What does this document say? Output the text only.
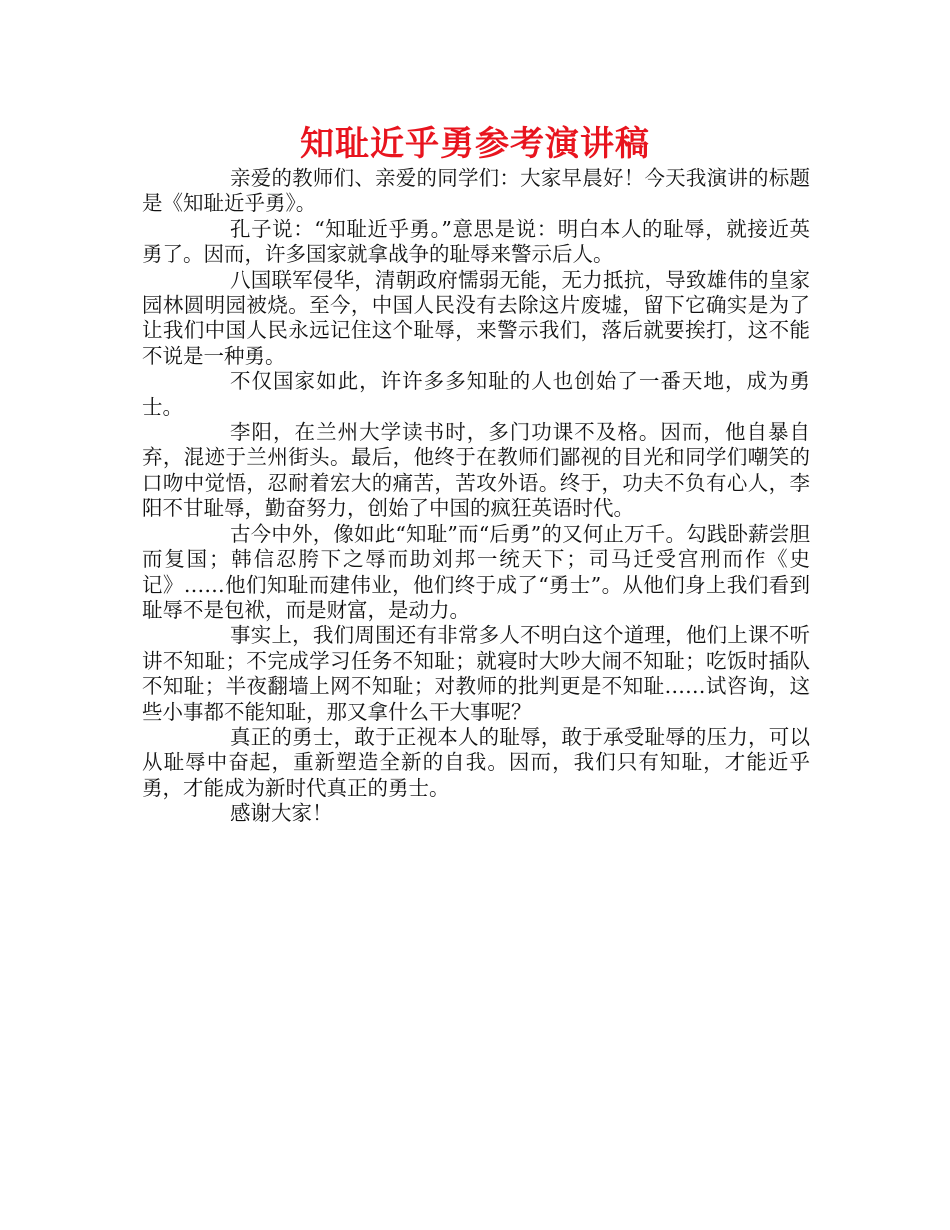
知耻近乎勇参考演讲稿

亲爱的教师们、亲爱的同学们：大家早晨好！今天我演讲的标题是《知耻近乎勇》。

孔子说：“知耻近乎勇。”意思是说：明白本人的耻辱，就接近英勇了。因而，许多国家就拿战争的耻辱来警示后人。

八国联军侵华，清朝政府懦弱无能，无力抵抗，导致雄伟的皇家园林圆明园被烧。至今，中国人民没有去除这片废墟，留下它确实是为了让我们中国人民永远记住这个耻辱，来警示我们，落后就要挨打，这不能不说是一种勇。

不仅国家如此，许许多多知耻的人也创始了一番天地，成为勇士。

李阳，在兰州大学读书时，多门功课不及格。因而，他自暴自弃，混迹于兰州街头。最后，他终于在教师们鄙视的目光和同学们嘲笑的口吻中觉悟，忍耐着宏大的痛苦，苦攻外语。终于，功夫不负有心人，李阳不甘耻辱，勤奋努力，创始了中国的疯狂英语时代。

古今中外，像如此“知耻”而“后勇”的又何止万千。勾践卧薪尝胆而复国；韩信忍胯下之辱而助刘邦一统天下；司马迁受宫刑而作《史记》……他们知耻而建伟业，他们终于成了“勇士”。从他们身上我们看到耻辱不是包袱，而是财富，是动力。

事实上，我们周围还有非常多人不明白这个道理，他们上课不听讲不知耻；不完成学习任务不知耻；就寝时大吵大闹不知耻；吃饭时插队不知耻；半夜翻墙上网不知耻；对教师的批判更是不知耻……试咨询，这些小事都不能知耻，那又拿什么干大事呢？

真正的勇士，敢于正视本人的耻辱，敢于承受耻辱的压力，可以从耻辱中奋起，重新塑造全新的自我。因而，我们只有知耻，才能近乎勇，才能成为新时代真正的勇士。

感谢大家！
